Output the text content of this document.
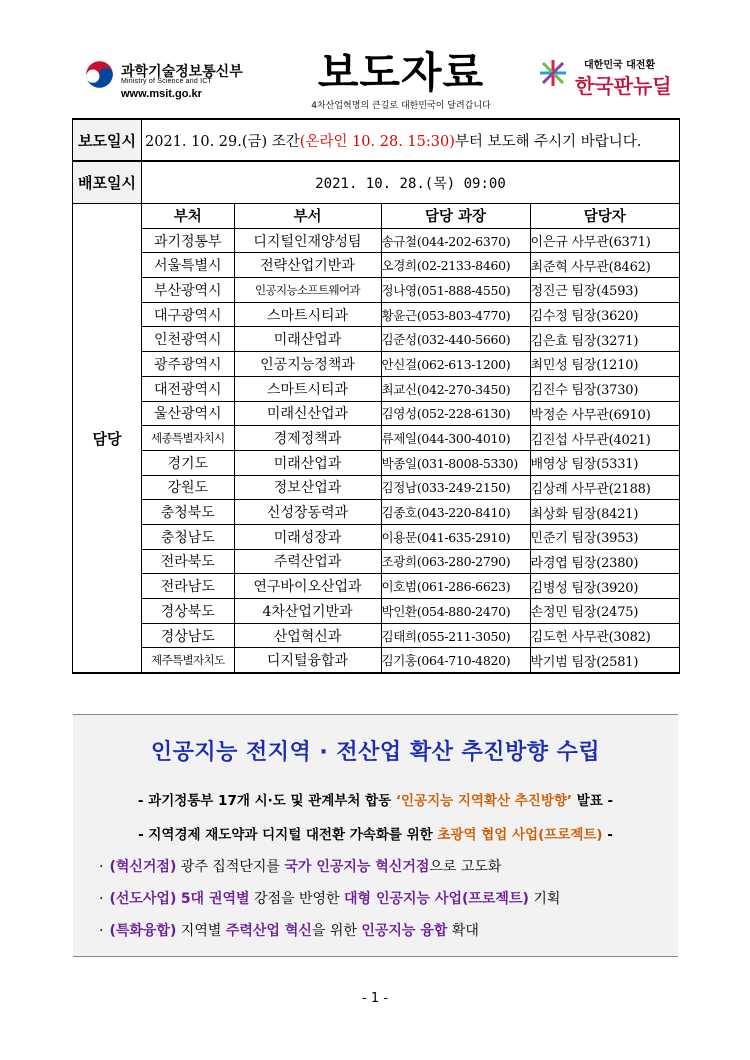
과학기술정보통신부
Ministry of Science and ICT
www.msit.go.kr	보도자료
4차산업혁명의 큰길로 대한민국이 달려갑니다
대한민국 대전환
한국판뉴딜
보도일시	2021. 10. 29.(금) 조간(온라인 10. 28. 15:30)부터 보도해 주시기 바랍니다.
배포일시	2021. 10. 28.(목) 09:00
담당	
부처	부서	담당 과장	담당자
과기정통부	디지털인재양성팀	송규철(044-202-6370)	이은규 사무관(6371)
서울특별시	전략산업기반과	오경희(02-2133-8460)	최준혁 사무관(8462)
부산광역시	인공지능소프트웨어과	정나영(051-888-4550)	정진근 팀장(4593)
대구광역시	스마트시티과	황윤근(053-803-4770)	김수정 팀장(3620)
인천광역시	미래산업과	김준성(032-440-5660)	김은효 팀장(3271)
광주광역시	인공지능정책과	안신걸(062-613-1200)	최민성 팀장(1210)
대전광역시	스마트시티과	최교신(042-270-3450)	김진수 팀장(3730)
울산광역시	미래신산업과	김영성(052-228-6130)	박정순 사무관(6910)
세종특별자치시	경제정책과	류제일(044-300-4010)	김진섭 사무관(4021)
경기도	미래산업과	박종일(031-8008-5330)	배영상 팀장(5331)
강원도	정보산업과	김정남(033-249-2150)	김상례 사무관(2188)
충청북도	신성장동력과	김종호(043-220-8410)	최상화 팀장(8421)
충청남도	미래성장과	이용문(041-635-2910)	민준기 팀장(3953)
전라북도	주력산업과	조광희(063-280-2790)	라경엽 팀장(2380)
전라남도	연구바이오산업과	이호범(061-286-6623)	김병성 팀장(3920)
경상북도	4차산업기반과	박인환(054-880-2470)	손정민 팀장(2475)
경상남도	산업혁신과	김태희(055-211-3050)	김도헌 사무관(3082)
제주특별자치도	디지털융합과	김기홍(064-710-4820)	박기범 팀장(2581)
인공지능 전지역 · 전산업 확산 추진방향 수립
- 과기정통부 17개 시·도 및 관계부처 합동 ‘인공지능 지역확산 추진방향’ 발표 -
- 지역경제 재도약과 디지털 대전환 가속화를 위한 초광역 협업 사업(프로젝트) -
· (혁신거점) 광주 집적단지를 국가 인공지능 혁신거점으로 고도화
· (선도사업) 5대 권역별 강점을 반영한 대형 인공지능 사업(프로젝트) 기획
· (특화융합) 지역별 주력산업 혁신을 위한 인공지능 융합 확대
- 1 -
